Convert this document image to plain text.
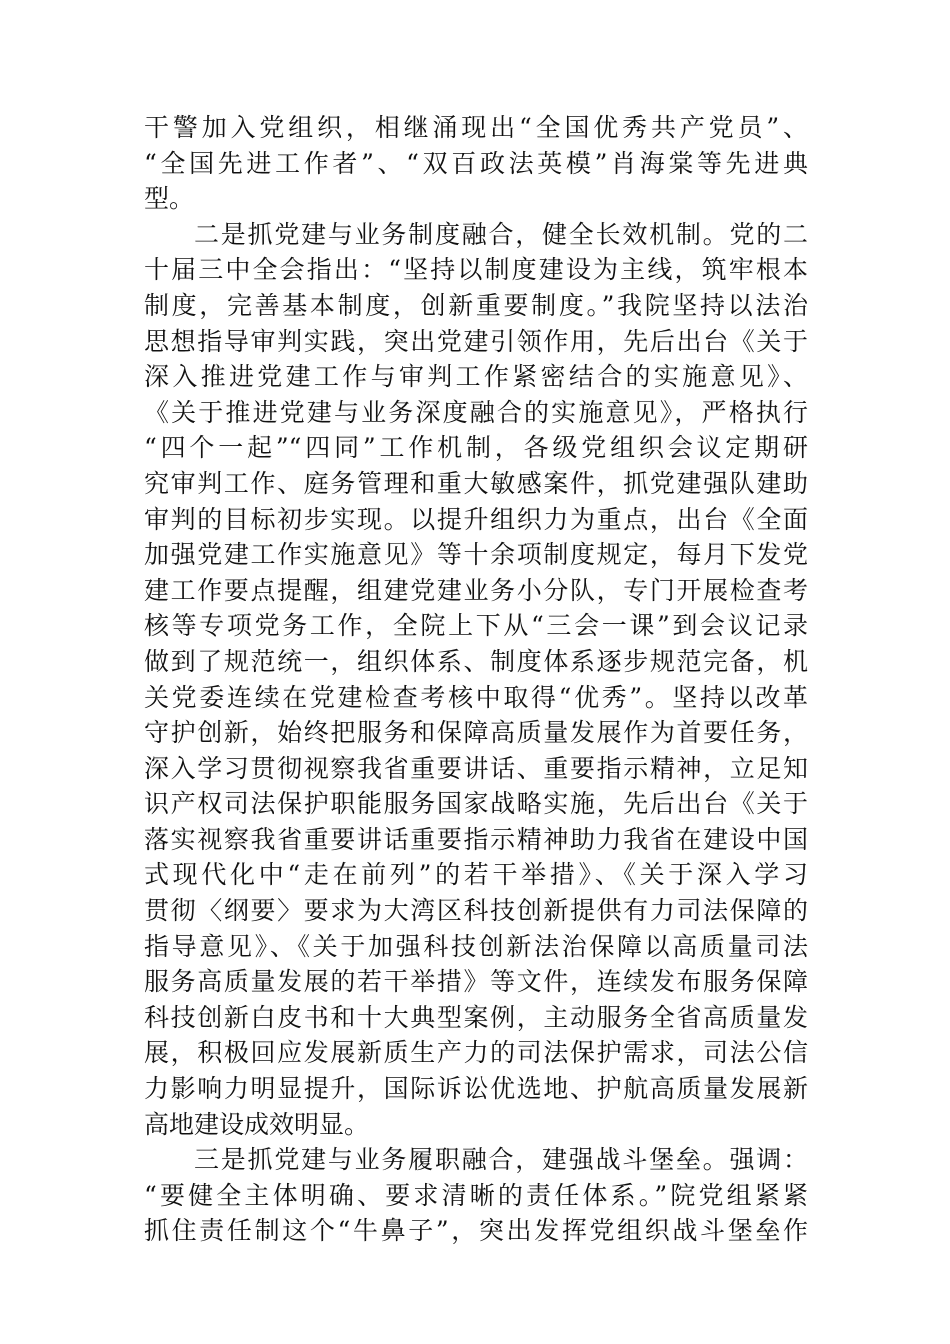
干警加入党组织，相继涌现出“全国优秀共产党员”、
“全国先进工作者”、“双百政法英模”肖海棠等先进典
型。
二是抓党建与业务制度融合，健全长效机制。党的二
十届三中全会指出：“坚持以制度建设为主线，筑牢根本
制度，完善基本制度，创新重要制度。”我院坚持以法治
思想指导审判实践，突出党建引领作用，先后出台《关于
深入推进党建工作与审判工作紧密结合的实施意见》、
《关于推进党建与业务深度融合的实施意见》，严格执行
“四个一起”“四同”工作机制，各级党组织会议定期研
究审判工作、庭务管理和重大敏感案件，抓党建强队建助
审判的目标初步实现。以提升组织力为重点，出台《全面
加强党建工作实施意见》等十余项制度规定，每月下发党
建工作要点提醒，组建党建业务小分队，专门开展检查考
核等专项党务工作，全院上下从“三会一课”到会议记录
做到了规范统一，组织体系、制度体系逐步规范完备，机
关党委连续在党建检查考核中取得“优秀”。坚持以改革
守护创新，始终把服务和保障高质量发展作为首要任务，
深入学习贯彻视察我省重要讲话、重要指示精神，立足知
识产权司法保护职能服务国家战略实施，先后出台《关于
落实视察我省重要讲话重要指示精神助力我省在建设中国
式现代化中“走在前列”的若干举措》、《关于深入学习
贯彻〈纲要〉要求为大湾区科技创新提供有力司法保障的
指导意见》、《关于加强科技创新法治保障以高质量司法
服务高质量发展的若干举措》等文件，连续发布服务保障
科技创新白皮书和十大典型案例，主动服务全省高质量发
展，积极回应发展新质生产力的司法保护需求，司法公信
力影响力明显提升，国际诉讼优选地、护航高质量发展新
高地建设成效明显。
三是抓党建与业务履职融合，建强战斗堡垒。强调：
“要健全主体明确、要求清晰的责任体系。”院党组紧紧
抓住责任制这个“牛鼻子”，突出发挥党组织战斗堡垒作
